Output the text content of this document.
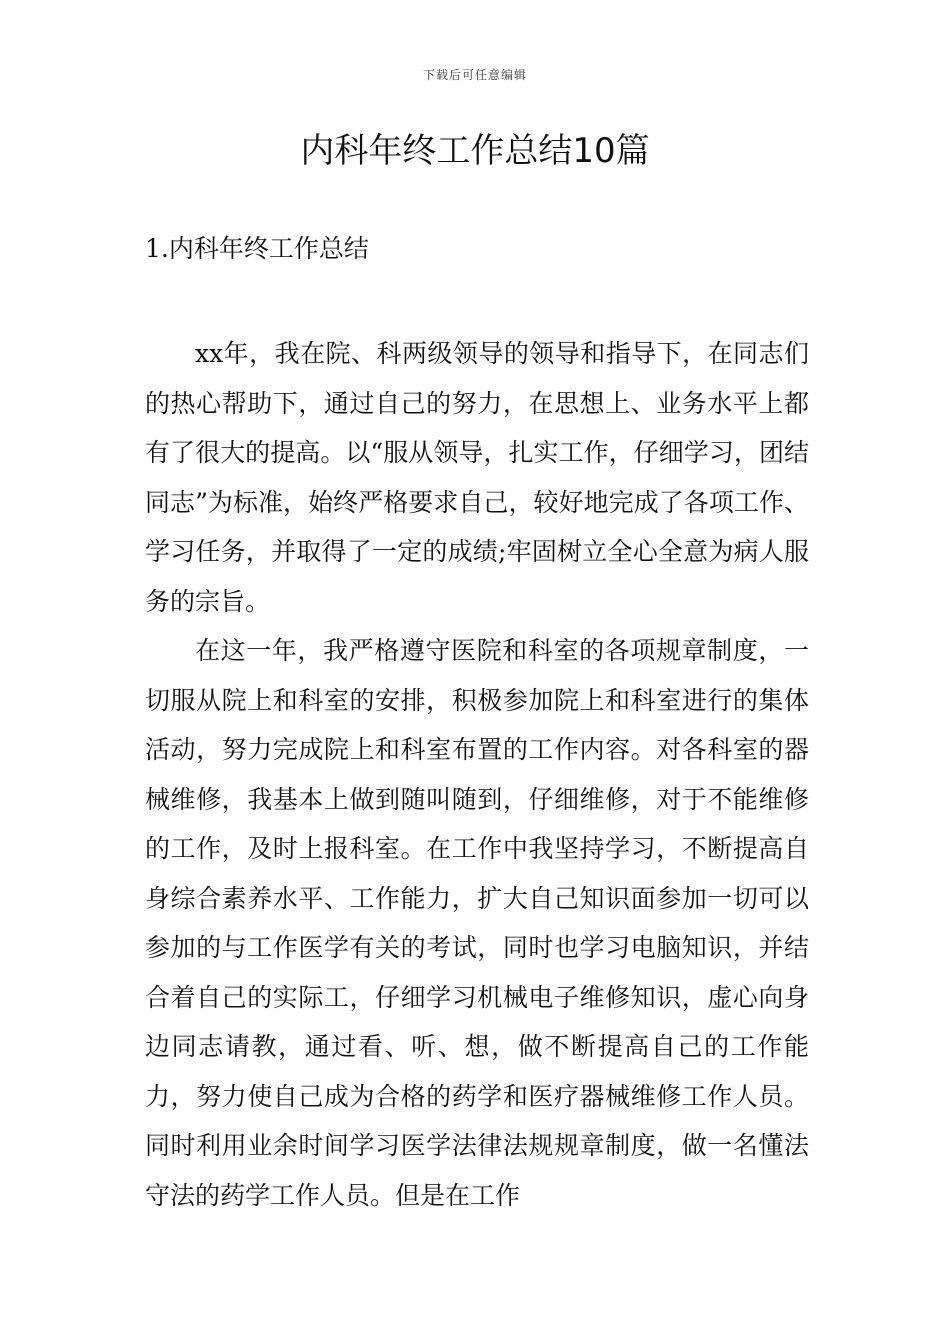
下载后可任意编辑
内科年终工作总结10篇
1.内科年终工作总结

xx年，我在院、科两级领导的领导和指导下，在同志们的热心帮助下，通过自己的努力，在思想上、业务水平上都有了很大的提高。以“服从领导，扎实工作，仔细学习，团结同志”为标准，始终严格要求自己，较好地完成了各项工作、学习任务，并取得了一定的成绩;牢固树立全心全意为病人服务的宗旨。

在这一年，我严格遵守医院和科室的各项规章制度，一切服从院上和科室的安排，积极参加院上和科室进行的集体活动，努力完成院上和科室布置的工作内容。对各科室的器械维修，我基本上做到随叫随到，仔细维修，对于不能维修的工作，及时上报科室。在工作中我坚持学习，不断提高自身综合素养水平、工作能力，扩大自己知识面参加一切可以参加的与工作医学有关的考试，同时也学习电脑知识，并结合着自己的实际工，仔细学习机械电子维修知识，虚心向身边同志请教，通过看、听、想，做不断提高自己的工作能力，努力使自己成为合格的药学和医疗器械维修工作人员。同时利用业余时间学习医学法律法规规章制度，做一名懂法守法的药学工作人员。但是在工作
